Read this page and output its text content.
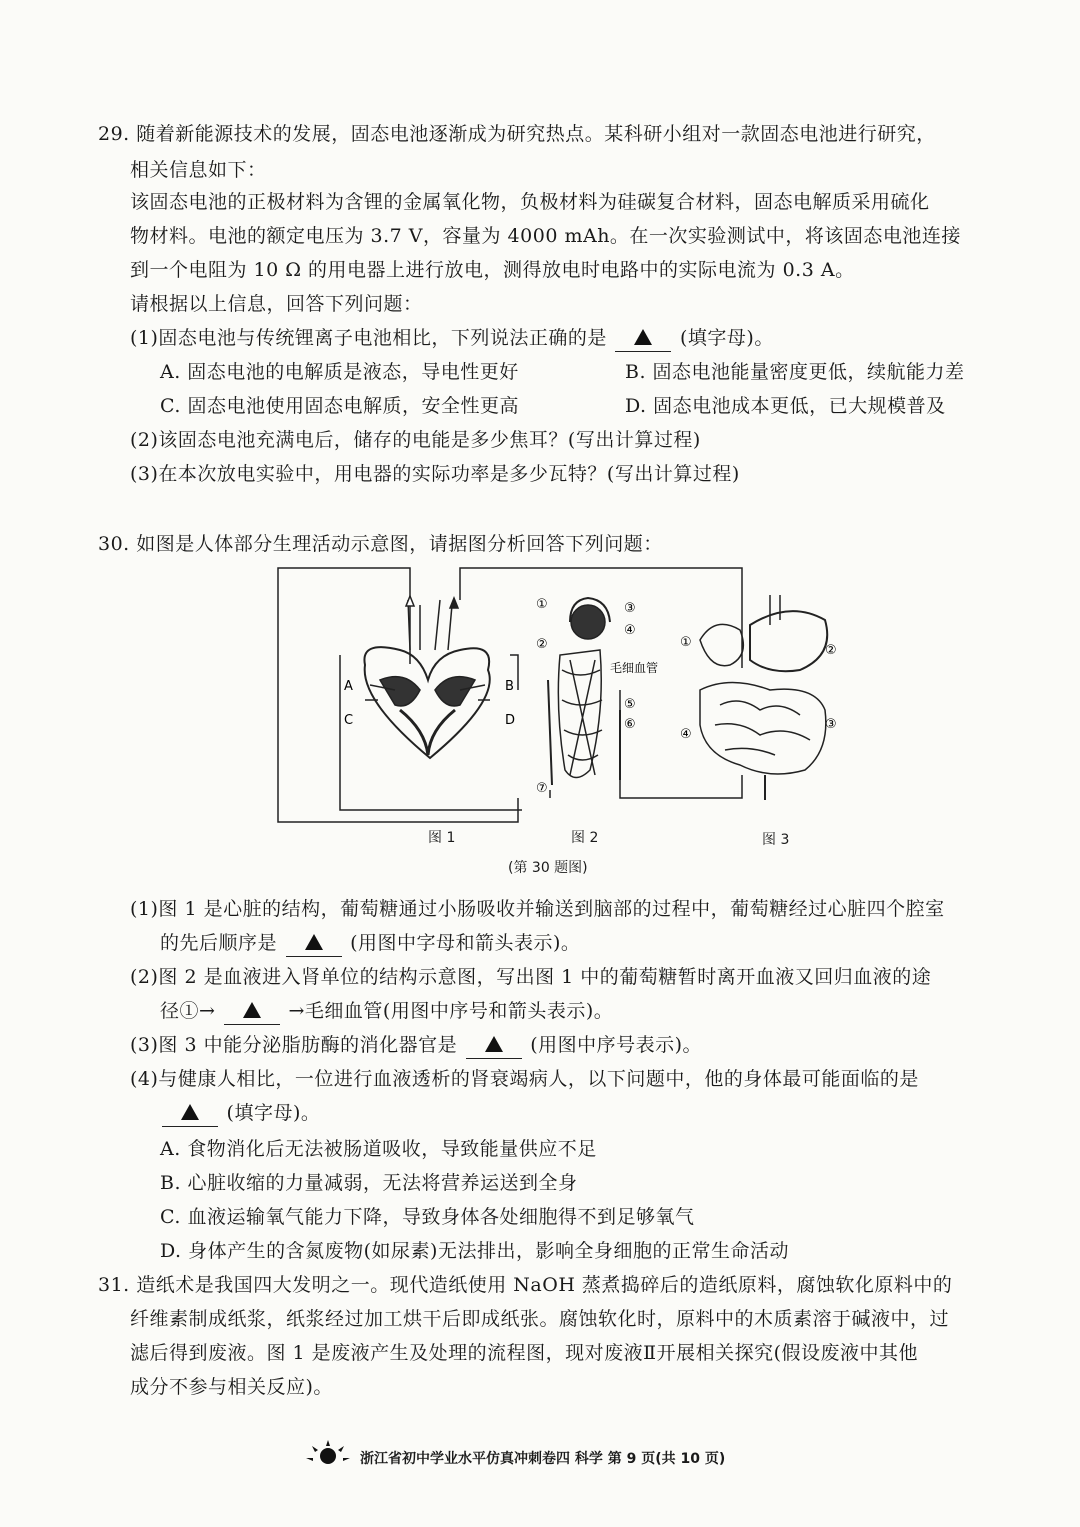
29. 随着新能源技术的发展，固态电池逐渐成为研究热点。某科研小组对一款固态电池进行研究，
相关信息如下：
该固态电池的正极材料为含锂的金属氧化物，负极材料为硅碳复合材料，固态电解质采用硫化
物材料。电池的额定电压为 3.7 V，容量为 4000 mAh。在一次实验测试中，将该固态电池连接
到一个电阻为 10 Ω 的用电器上进行放电，测得放电时电路中的实际电流为 0.3 A。
请根据以上信息，回答下列问题：
(1)固态电池与传统锂离子电池相比，下列说法正确的是	(填字母)。
A. 固态电池的电解质是液态，导电性更好	B. 固态电池能量密度更低，续航能力差
C. 固态电池使用固态电解质，安全性更高	D. 固态电池成本更低，已大规模普及
(2)该固态电池充满电后，储存的电能是多少焦耳？(写出计算过程)
(3)在本次放电实验中，用电器的实际功率是多少瓦特？(写出计算过程)
30. 如图是人体部分生理活动示意图，请据图分析回答下列问题：
A	B
C	D
①
②
③
④
⑤
⑥
⑦
毛细血管
①
②
③
④
图 1	图 2	图 3
(第 30 题图)
(1)图 1 是心脏的结构，葡萄糖通过小肠吸收并输送到脑部的过程中，葡萄糖经过心脏四个腔室
的先后顺序是	(用图中字母和箭头表示)。
(2)图 2 是血液进入肾单位的结构示意图，写出图 1 中的葡萄糖暂时离开血液又回归血液的途
径①→	→毛细血管(用图中序号和箭头表示)。
(3)图 3 中能分泌脂肪酶的消化器官是	(用图中序号表示)。
(4)与健康人相比，一位进行血液透析的肾衰竭病人，以下问题中，他的身体最可能面临的是
(填字母)。
A. 食物消化后无法被肠道吸收，导致能量供应不足
B. 心脏收缩的力量减弱，无法将营养运送到全身
C. 血液运输氧气能力下降，导致身体各处细胞得不到足够氧气
D. 身体产生的含氮废物(如尿素)无法排出，影响全身细胞的正常生命活动
31. 造纸术是我国四大发明之一。现代造纸使用 NaOH 蒸煮捣碎后的造纸原料，腐蚀软化原料中的
纤维素制成纸浆，纸浆经过加工烘干后即成纸张。腐蚀软化时，原料中的木质素溶于碱液中，过
滤后得到废液。图 1 是废液产生及处理的流程图，现对废液Ⅱ开展相关探究(假设废液中其他
成分不参与相关反应)。
浙江省初中学业水平仿真冲刺卷四 科学 第 9 页(共 10 页)
